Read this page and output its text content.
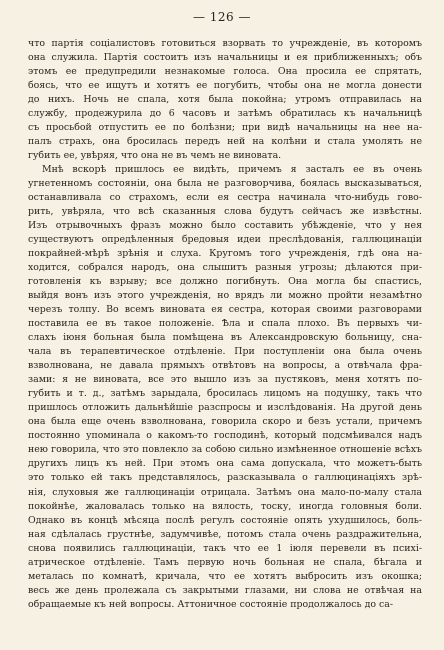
— 126 —
что партія соціалистовъ готовиться взорвать то учрежденіе, въ которомъ
она служила. Партія состоитъ изъ начальницы и ея приближенныхъ; объ
этомъ ее предупредили незнакомые голоса. Она просила ее спрятать,
боясь, что ее ищутъ и хотятъ ее погубить, чтобы она не могла донести
до нихъ. Ночь не спала, хотя была покойна; утромъ отправилась на
службу, продежурила до 6 часовъ и затѣмъ обратилась къ начальницѣ
съ просьбой отпустить ее по болѣзни; при видѣ начальницы на нее на-
палъ страхъ, она бросилась передъ ней на колѣни и стала умолять не
губить ее, увѣряя, что она не въ чемъ не виновата.
Мнѣ вскорѣ пришлось ее видѣть, причемъ я засталъ ее въ очень
угнетенномъ состояніи, она была не разговорчива, боялась высказываться,
останавливала со страхомъ, если ея сестра начинала что-нибудь гово-
рить, увѣряла, что всѣ сказанныя слова будутъ сейчасъ же извѣстны.
Изъ отрывочныхъ фразъ можно было составить убѣжденіе, что у нея
существуютъ опредѣленныя бредовыя идеи преслѣдованія, галлюцинаціи
покрайней-мѣрѣ зрѣнія и слуха. Кругомъ того учрежденія, гдѣ она на-
ходится, собрался народъ, она слышитъ разныя угрозы; дѣлаются при-
готовленія къ взрыву; все должно погибнуть. Она могла бы спастись,
выйдя вонъ изъ этого учрежденія, но врядъ ли можно пройти незамѣтно
черезъ толпу. Во всемъ виновата ея сестра, которая своими разговорами
поставила ее въ такое положеніе. Ѣла и спала плохо. Въ первыхъ чи-
слахъ іюня больная была помѣщена въ Александровскую больницу, сна-
чала въ терапевтическое отдѣленіе. При поступленіи она была очень
взволнована, не давала прямыхъ отвѣтовъ на вопросы, а отвѣчала фра-
зами: я не виновата, все это вышло изъ за пустяковъ, меня хотятъ по-
губить и т. д., затѣмъ зарыдала, бросилась лицомъ на подушку, такъ что
пришлось отложить дальнѣйшіе разспросы и изслѣдованія. На другой день
она была еще очень взволнована, говорила скоро и безъ устали, причемъ
постоянно упоминала о какомъ-то господинѣ, который подсмѣивался надъ
нею говорила, что это повлекло за собою сильно измѣненное отношеніе всѣхъ
другихъ лицъ къ ней. При этомъ она сама допускала, что можетъ-быть
это только ей такъ представлялось, разсказывала о галлюцинаціяхъ зрѣ-
нія, слуховыя же галлюцинаціи отрицала. Затѣмъ она мало-по-малу стала
покойнѣе, жаловалась только на вялость, тоску, иногда головныя боли.
Однако въ концѣ мѣсяца послѣ регулъ состояніе опять ухудшилось, боль-
ная сдѣлалась грустнѣе, задумчивѣе, потомъ стала очень раздражительна,
снова появились галлюцинаціи, такъ что ее 1 іюля перевели въ психі-
атрическое отдѣленіе. Тамъ первую ночь больная не спала, бѣгала и
металась по комнатѣ, кричала, что ее хотятъ выбросить изъ окошка;
весь же день пролежала съ закрытыми глазами, ни слова не отвѣчая на
обращаемые къ ней вопросы. Аттоничное состояніе продолжалось до са-
